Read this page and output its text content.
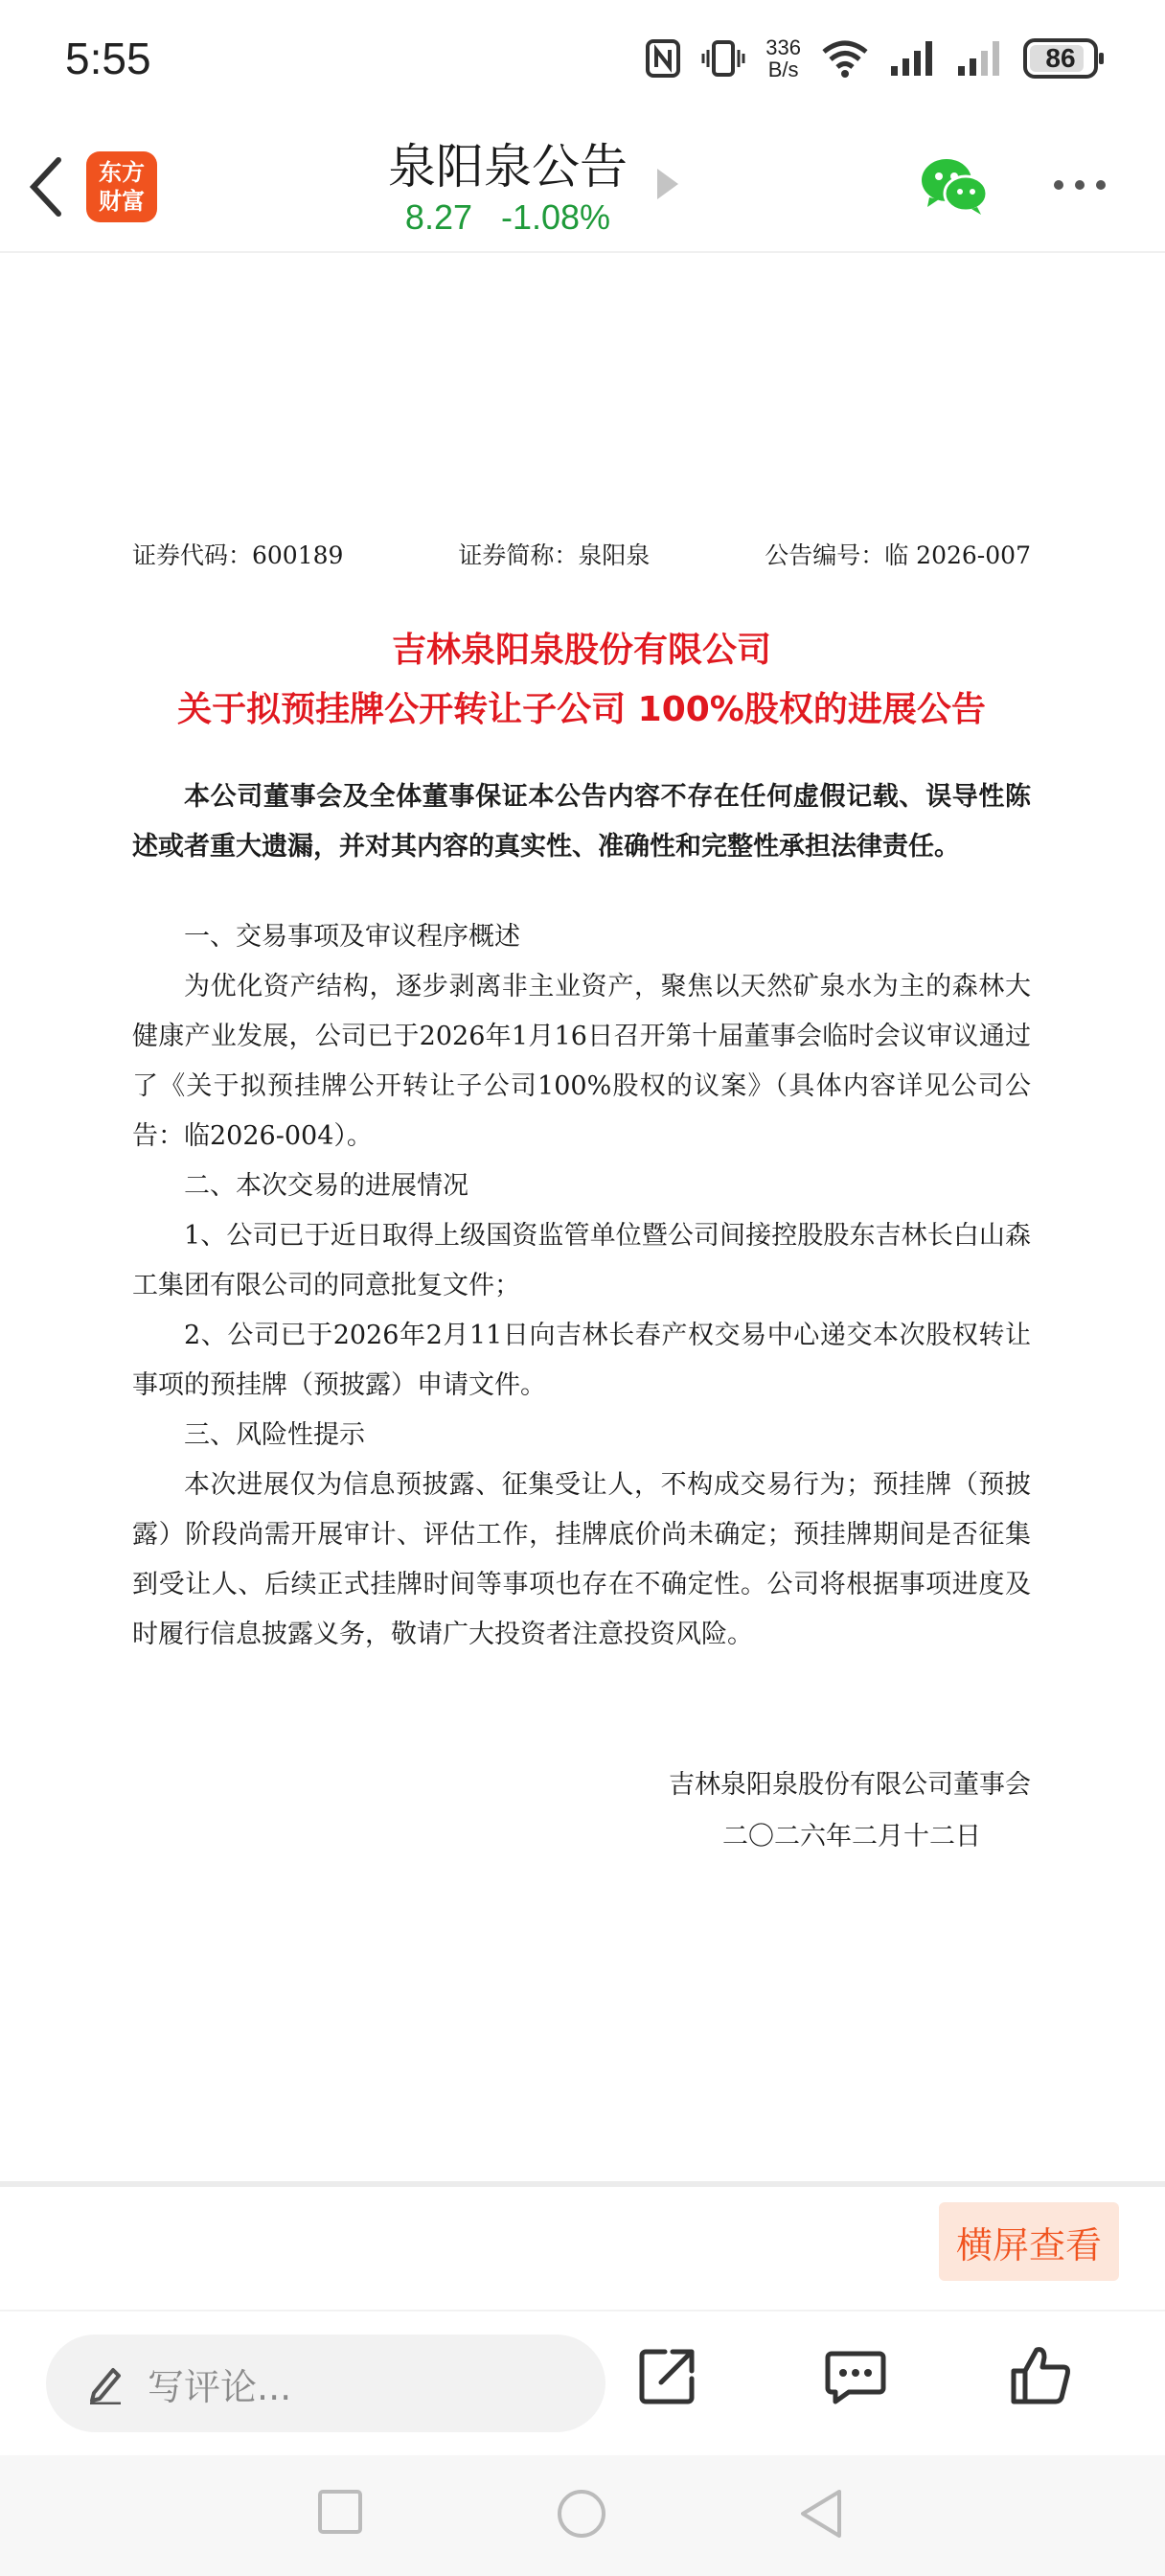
5:55	336
B/s	86
东方
财富
泉阳泉公告
8.27 -1.08%
证券代码：600189	证券简称：泉阳泉	公告编号：临 2026-007
吉林泉阳泉股份有限公司
关于拟预挂牌公开转让子公司 100%股权的进展公告
本公司董事会及全体董事保证本公告内容不存在任何虚假记载、误导性陈述或者重大遗漏，并对其内容的真实性、准确性和完整性承担法律责任。
一、交易事项及审议程序概述
为优化资产结构，逐步剥离非主业资产，聚焦以天然矿泉水为主的森林大健康产业发展，公司已于2026年1月16日召开第十届董事会临时会议审议通过了《关于拟预挂牌公开转让子公司100%股权的议案》（具体内容详见公司公告：临2026-004）。
二、本次交易的进展情况
1、公司已于近日取得上级国资监管单位暨公司间接控股股东吉林长白山森工集团有限公司的同意批复文件；
2、公司已于2026年2月11日向吉林长春产权交易中心递交本次股权转让事项的预挂牌（预披露）申请文件。
三、风险性提示
本次进展仅为信息预披露、征集受让人，不构成交易行为；预挂牌（预披露）阶段尚需开展审计、评估工作，挂牌底价尚未确定；预挂牌期间是否征集到受让人、后续正式挂牌时间等事项也存在不确定性。公司将根据事项进度及时履行信息披露义务，敬请广大投资者注意投资风险。
吉林泉阳泉股份有限公司董事会
二〇二六年二月十二日
横屏查看
写评论...
